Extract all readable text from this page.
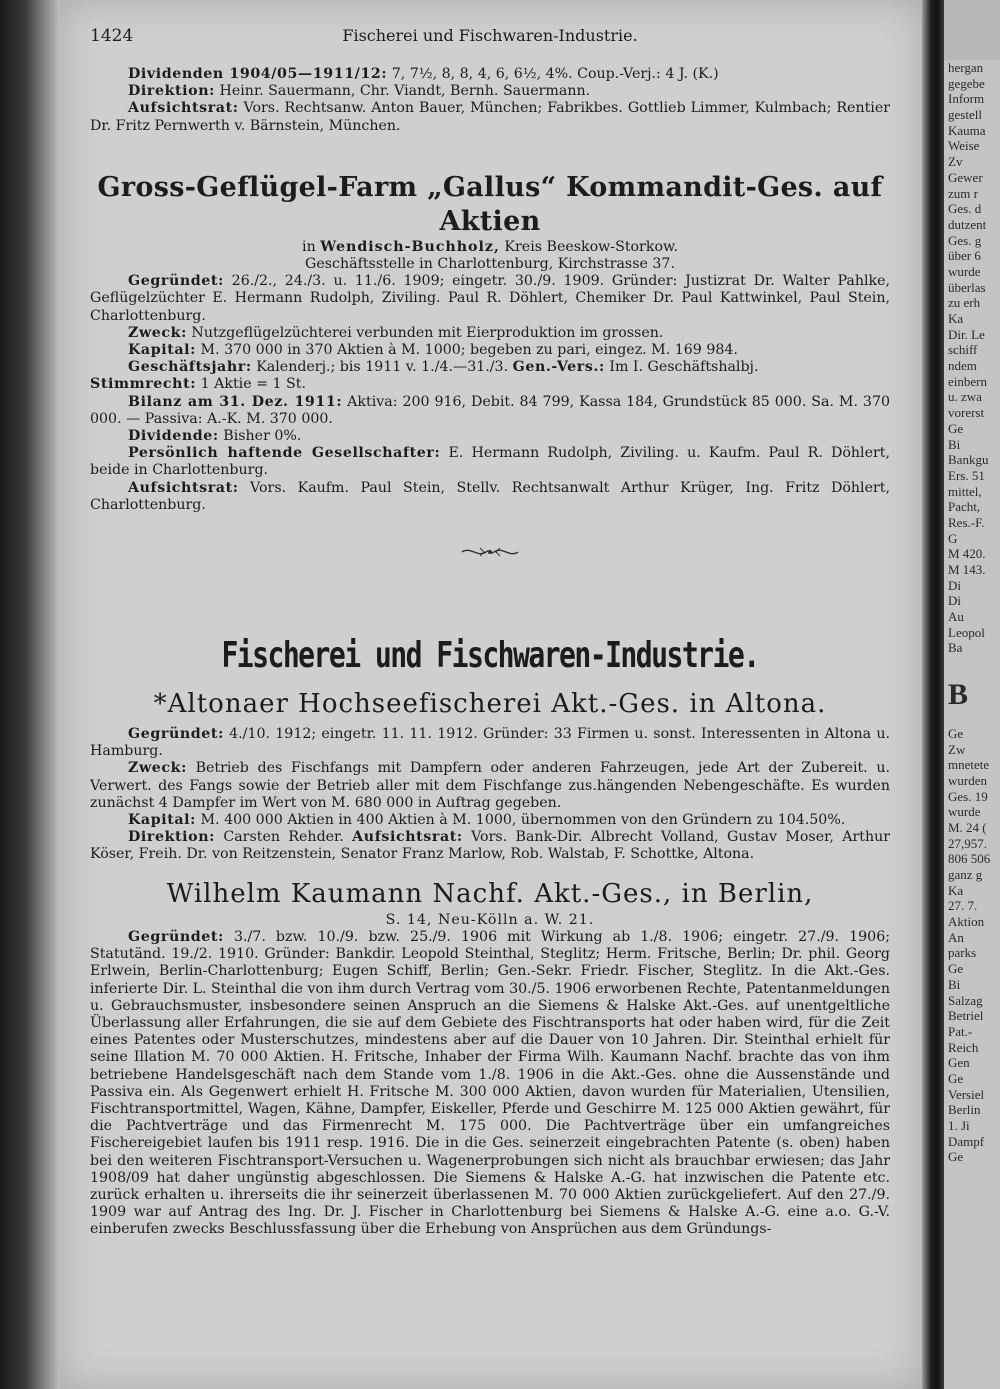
1424	Fischerei und Fischwaren-Industrie.

Dividenden 1904/05—1911/12: 7, 7½, 8, 8, 4, 6, 6½, 4%. Coup.-Verj.: 4 J. (K.)

Direktion: Heinr. Sauermann, Chr. Viandt, Bernh. Sauermann.

Aufsichtsrat: Vors. Rechtsanw. Anton Bauer, München; Fabrikbes. Gottlieb Limmer, Kulmbach; Rentier Dr. Fritz Pernwerth v. Bärnstein, München.

Gross-Geflügel-Farm „Gallus“ Kommandit-Ges. auf Aktien

in Wendisch-Buchholz, Kreis Beeskow-Storkow.

Geschäftsstelle in Charlottenburg, Kirchstrasse 37.

Gegründet: 26./2., 24./3. u. 11./6. 1909; eingetr. 30./9. 1909. Gründer: Justizrat Dr. Walter Pahlke, Geflügelzüchter E. Hermann Rudolph, Ziviling. Paul R. Döhlert, Chemiker Dr. Paul Kattwinkel, Paul Stein, Charlottenburg.

Zweck: Nutzgeflügelzüchterei verbunden mit Eierproduktion im grossen.

Kapital: M. 370 000 in 370 Aktien à M. 1000; begeben zu pari, eingez. M. 169 984.

Geschäftsjahr: Kalenderj.; bis 1911 v. 1./4.—31./3. Gen.-Vers.: Im I. Geschäftshalbj.

Stimmrecht: 1 Aktie = 1 St.

Bilanz am 31. Dez. 1911: Aktiva: 200 916, Debit. 84 799, Kassa 184, Grundstück 85 000. Sa. M. 370 000. — Passiva: A.-K. M. 370 000.

Dividende: Bisher 0%.

Persönlich haftende Gesellschafter: E. Hermann Rudolph, Ziviling. u. Kaufm. Paul R. Döhlert, beide in Charlottenburg.

Aufsichtsrat: Vors. Kaufm. Paul Stein, Stellv. Rechtsanwalt Arthur Krüger, Ing. Fritz Döhlert, Charlottenburg.

Fischerei und Fischwaren-Industrie.
*Altonaer Hochseefischerei Akt.-Ges. in Altona.

Gegründet: 4./10. 1912; eingetr. 11. 11. 1912. Gründer: 33 Firmen u. sonst. Interessenten in Altona u. Hamburg.

Zweck: Betrieb des Fischfangs mit Dampfern oder anderen Fahrzeugen, jede Art der Zubereit. u. Verwert. des Fangs sowie der Betrieb aller mit dem Fischfange zus.hängenden Nebengeschäfte. Es wurden zunächst 4 Dampfer im Wert von M. 680 000 in Auftrag gegeben.

Kapital: M. 400 000 Aktien in 400 Aktien à M. 1000, übernommen von den Gründern zu 104.50%.

Direktion: Carsten Rehder. Aufsichtsrat: Vors. Bank-Dir. Albrecht Volland, Gustav Moser, Arthur Köser, Freih. Dr. von Reitzenstein, Senator Franz Marlow, Rob. Walstab, F. Schottke, Altona.

Wilhelm Kaumann Nachf. Akt.-Ges., in Berlin,

S. 14, Neu-Kölln a. W. 21.

Gegründet: 3./7. bzw. 10./9. bzw. 25./9. 1906 mit Wirkung ab 1./8. 1906; eingetr. 27./9. 1906; Statutänd. 19./2. 1910. Gründer: Bankdir. Leopold Steinthal, Steglitz; Herm. Fritsche, Berlin; Dr. phil. Georg Erlwein, Berlin-Charlottenburg; Eugen Schiff, Berlin; Gen.-Sekr. Friedr. Fischer, Steglitz. In die Akt.-Ges. inferierte Dir. L. Steinthal die von ihm durch Vertrag vom 30./5. 1906 erworbenen Rechte, Patentanmeldungen u. Gebrauchsmuster, insbesondere seinen Anspruch an die Siemens & Halske Akt.-Ges. auf unentgeltliche Überlassung aller Erfahrungen, die sie auf dem Gebiete des Fischtransports hat oder haben wird, für die Zeit eines Patentes oder Musterschutzes, mindestens aber auf die Dauer von 10 Jahren. Dir. Steinthal erhielt für seine Illation M. 70 000 Aktien. H. Fritsche, Inhaber der Firma Wilh. Kaumann Nachf. brachte das von ihm betriebene Handelsgeschäft nach dem Stande vom 1./8. 1906 in die Akt.-Ges. ohne die Aussenstände und Passiva ein. Als Gegenwert erhielt H. Fritsche M. 300 000 Aktien, davon wurden für Materialien, Utensilien, Fischtransportmittel, Wagen, Kähne, Dampfer, Eiskeller, Pferde und Geschirre M. 125 000 Aktien gewährt, für die Pachtverträge und das Firmenrecht M. 175 000. Die Pachtverträge über ein umfangreiches Fischereigebiet laufen bis 1911 resp. 1916. Die in die Ges. seinerzeit eingebrachten Patente (s. oben) haben bei den weiteren Fischtransport-Versuchen u. Wagenerprobungen sich nicht als brauchbar erwiesen; das Jahr 1908/09 hat daher ungünstig abgeschlossen. Die Siemens & Halske A.-G. hat inzwischen die Patente etc. zurück erhalten u. ihrerseits die ihr seinerzeit überlassenen M. 70 000 Aktien zurückgeliefert. Auf den 27./9. 1909 war auf Antrag des Ing. Dr. J. Fischer in Charlottenburg bei Siemens & Halske A.-G. eine a.o. G.-V. einberufen zwecks Beschlussfassung über die Erhebung von Ansprüchen aus dem Gründungs-

hergan
gegebe
Inform
gestell
Kauma
Weise
Zv
Gewer
zum r
Ges. d
dutzent
Ges. g
über 6
wurde
überlas
zu erh
Ka
Dir. Le
schiff
ndem
einbern
u. zwa
vorerst
Ge
Bi
Bankgu
Ers. 51
mittel,
Pacht,
Res.-F.
G
M 420.
M 143.
Di
Di
Au
Leopol
Ba
B
Ge
Zw
mnetete
wurden
Ges. 19
wurde
M. 24 (
27,957.
806 506
ganz g
Ka
27. 7.
Aktion
An
parks
Ge
Bi
Salzag
Betriel
Pat.-
Reich
Gen
Ge
Versiel
Berlin
1. Ji
Dampf
Ge
